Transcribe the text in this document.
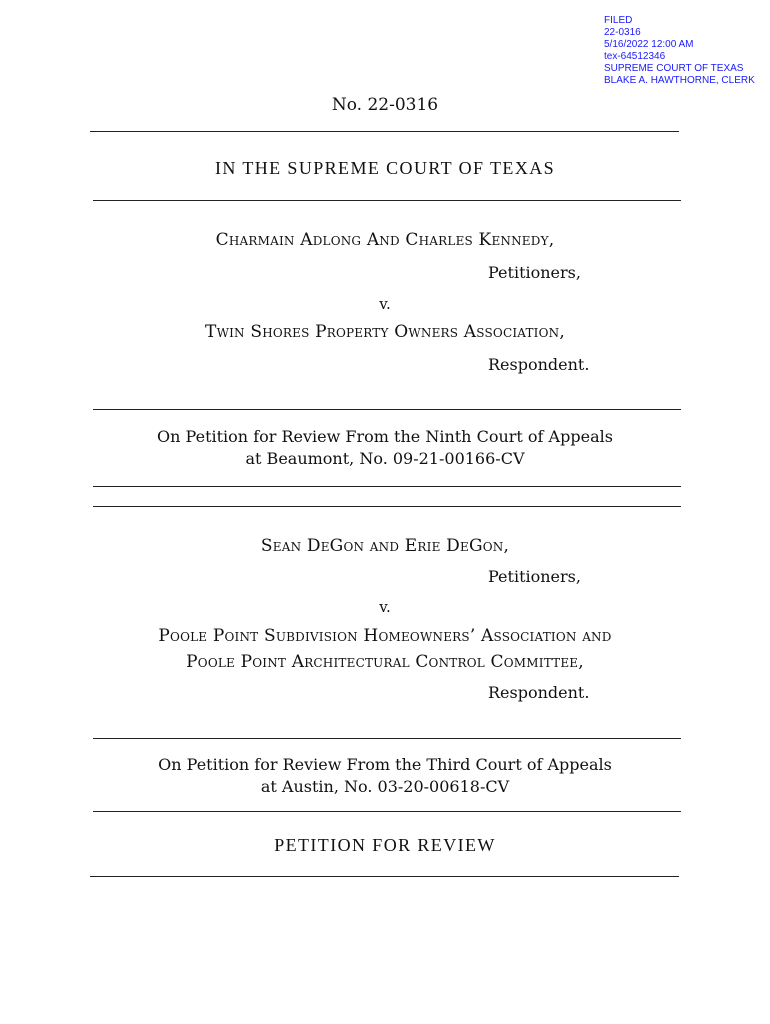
FILED
22-0316
5/16/2022 12:00 AM
tex-64512346
SUPREME COURT OF TEXAS
BLAKE A. HAWTHORNE, CLERK
No. 22-0316
IN THE SUPREME COURT OF TEXAS
Charmain Adlong And Charles Kennedy,
Petitioners,
v.
Twin Shores Property Owners Association,
Respondent.
On Petition for Review From the Ninth Court of Appeals
at Beaumont, No. 09-21-00166-CV
Sean DeGon and Erie DeGon,
Petitioners,
v.
Poole Point Subdivision Homeowners’ Association and
Poole Point Architectural Control Committee,
Respondent.
On Petition for Review From the Third Court of Appeals
at Austin, No. 03-20-00618-CV
PETITION FOR REVIEW
